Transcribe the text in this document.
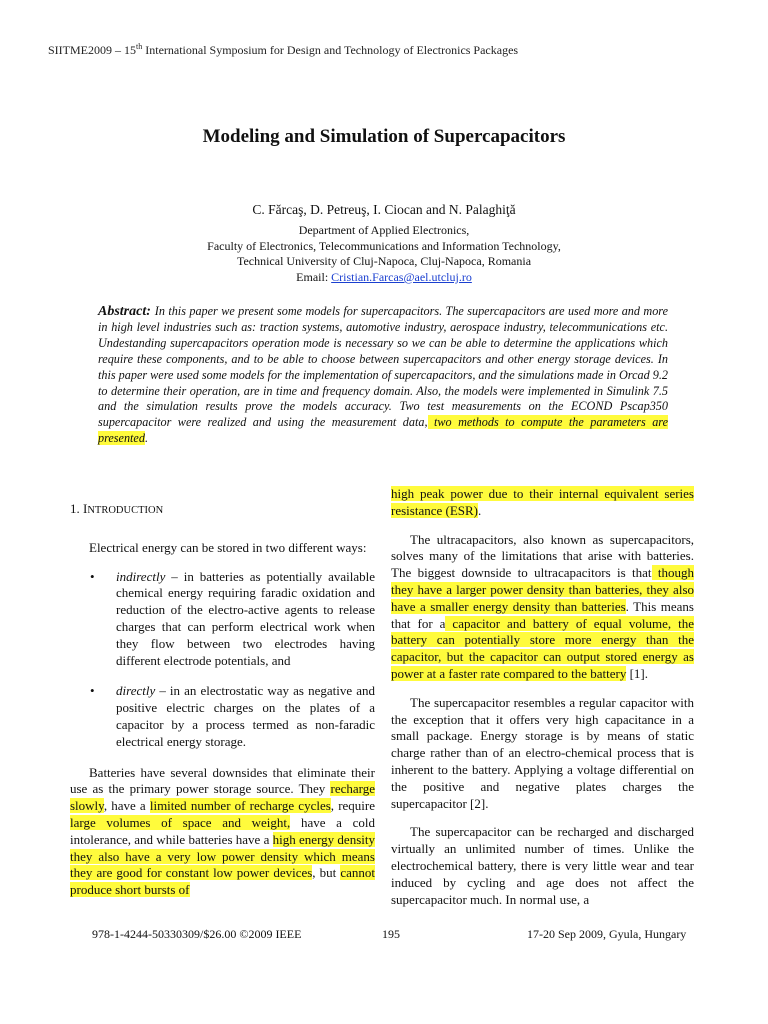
SIITME2009 – 15th International Symposium for Design and Technology of Electronics Packages
Modeling and Simulation of Supercapacitors
C. Fărcaş, D. Petreuş, I. Ciocan and N. Palaghiţă
Department of Applied Electronics,
Faculty of Electronics, Telecommunications and Information Technology,
Technical University of Cluj-Napoca, Cluj-Napoca, Romania
Email: Cristian.Farcas@ael.utcluj.ro
Abstract: In this paper we present some models for supercapacitors. The supercapacitors are used more and more in high level industries such as: traction systems, automotive industry, aerospace industry, telecommunications etc. Undestanding supercapacitors operation mode is necessary so we can be able to determine the applications which require these components, and to be able to choose between supercapacitors and other energy storage devices. In this paper were used some models for the implementation of supercapacitors, and the simulations made in Orcad 9.2 to determine their operation, are in time and frequency domain. Also, the models were implemented in Simulink 7.5 and the simulation results prove the models accuracy. Two test measurements on the ECOND Pscap350 supercapacitor were realized and using the measurement data, two methods to compute the parameters are presented.
1. INTRODUCTION

Electrical energy can be stored in two different ways:

•	indirectly – in batteries as potentially available chemical energy requiring faradic oxidation and reduction of the electro-active agents to release charges that can perform electrical work when they flow between two electrodes having different electrode potentials, and
•	directly – in an electrostatic way as negative and positive electric charges on the plates of a capacitor by a process termed as non-faradic electrical energy storage.

Batteries have several downsides that eliminate their use as the primary power storage source. They recharge slowly, have a limited number of recharge cycles, require large volumes of space and weight, have a cold intolerance, and while batteries have a high energy density they also have a very low power density which means they are good for constant low power devices, but cannot produce short bursts of

high peak power due to their internal equivalent series resistance (ESR).

The ultracapacitors, also known as supercapacitors, solves many of the limitations that arise with batteries. The biggest downside to ultracapacitors is that though they have a larger power density than batteries, they also have a smaller energy density than batteries. This means that for a capacitor and battery of equal volume, the battery can potentially store more energy than the capacitor, but the capacitor can output stored energy as power at a faster rate compared to the battery [1].

The supercapacitor resembles a regular capacitor with the exception that it offers very high capacitance in a small package. Energy storage is by means of static charge rather than of an electro-chemical process that is inherent to the battery. Applying a voltage differential on the positive and negative plates charges the supercapacitor [2].

The supercapacitor can be recharged and discharged virtually an unlimited number of times. Unlike the electrochemical battery, there is very little wear and tear induced by cycling and age does not affect the supercapacitor much. In normal use, a

978-1-4244-50330309/$26.00 ©2009 IEEE	195	17-20 Sep 2009, Gyula, Hungary
